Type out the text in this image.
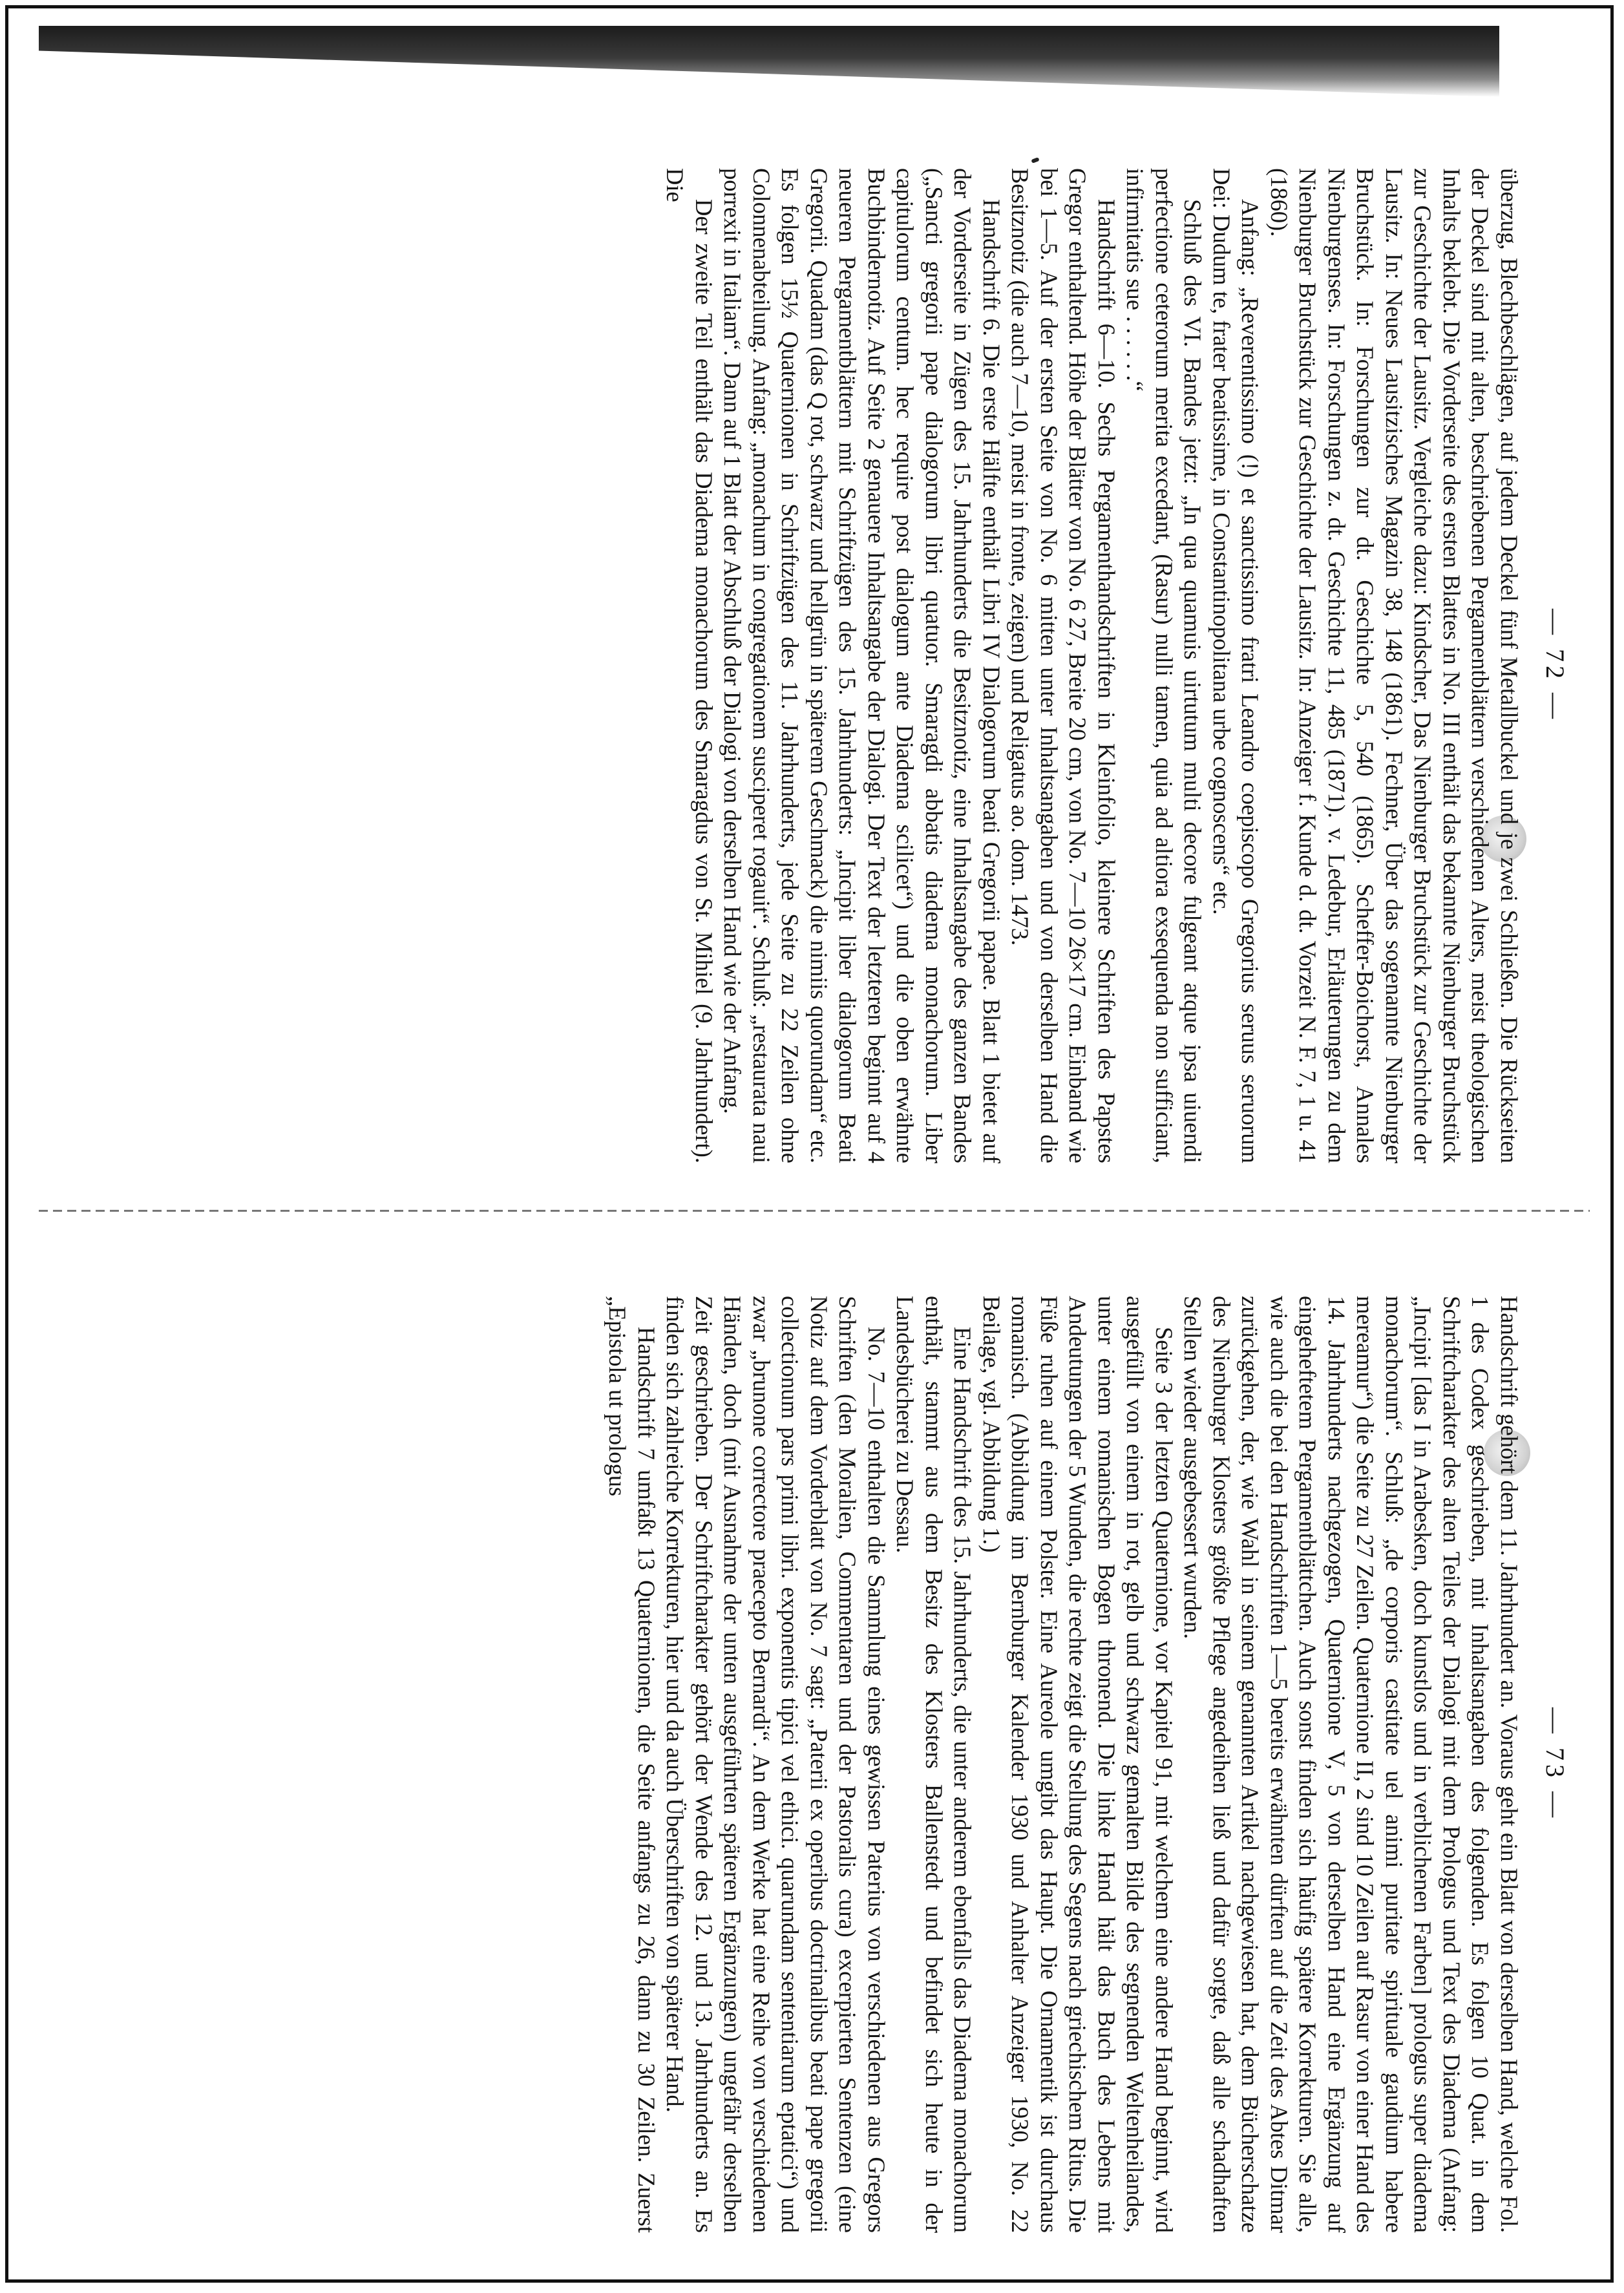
— 72 —

überzug, Blechbeschlägen, auf jedem Deckel fünf Metallbuckel und je zwei Schließen. Die Rückseiten der Deckel sind mit alten, beschriebenen Pergamentblättern verschiedenen Alters, meist theologischen Inhalts beklebt. Die Vorderseite des ersten Blattes in No. III enthält das bekannte Nienburger Bruchstück zur Geschichte der Lausitz. Vergleiche dazu: Kindscher, Das Nienburger Bruchstück zur Geschichte der Lausitz. In: Neues Lausitzisches Magazin 38, 148 (1861). Fechner, Über das sogenannte Nienburger Bruchstück. In: Forschungen zur dt. Geschichte 5, 540 (1865). Scheffer-Boichorst, Annales Nienburgenses. In: Forschungen z. dt. Geschichte 11, 485 (1871). v. Ledebur, Erläuterungen zu dem Nienburger Bruchstück zur Geschichte der Lausitz. In: Anzeiger f. Kunde d. dt. Vorzeit N. F. 7, 1 u. 41 (1860).

Anfang: „Reverentissimo (!) et sanctissimo fratri Leandro coepiscopo Gregorius seruus seruorum Dei: Dudum te, frater beatissime, in Constantinopolitana urbe cognoscens“ etc.

Schluß des VI. Bandes jetzt: „In qua quamuis uirtutum multi decore fulgeant atque ipsa uiuendi perfectione ceterorum merita excedant, (Rasur) nulli tamen, quia ad altiora exsequenda non sufficiant, infirmitatis sue . . . . . .“

Handschrift 6—10. Sechs Pergamenthandschriften in Kleinfolio, kleinere Schriften des Papstes Gregor enthaltend. Höhe der Blätter von No. 6 27, Breite 20 cm, von No. 7—10 26×17 cm. Einband wie bei 1—5. Auf der ersten Seite von No. 6 mitten unter Inhaltsangaben und von derselben Hand die Besitznotiz (die auch 7—10, meist in fronte, zeigen) und Religatus ao. dom. 1473.

Handschrift 6. Die erste Hälfte enthält Libri IV Dialogorum beati Gregorii papae. Blatt 1 bietet auf der Vorderseite in Zügen des 15. Jahrhunderts die Besitznotiz, eine Inhaltsangabe des ganzen Bandes („Sancti gregorii pape dialogorum libri quatuor. Smaragdi abbatis diadema monachorum. Liber capitulorum centum. hec require post dialogum ante Diadema scilicet“) und die oben erwähnte Buchbindernotiz. Auf Seite 2 genauere Inhaltsangabe der Dialogi. Der Text der letzteren beginnt auf 4 neueren Pergamentblättern mit Schriftzügen des 15. Jahrhunderts: „Incipit liber dialogorum Beati Gregorii. Quadam (das Q rot, schwarz und hellgrün in späterem Geschmack) die nimiis quorundam“ etc. Es folgen 15½ Quaternionen in Schriftzügen des 11. Jahrhunderts, jede Seite zu 22 Zeilen ohne Colonnenabteilung. Anfang: „monachum in congregationem susciperet rogauit“. Schluß: „restaurata naui porrexit in Italiam“. Dann auf 1 Blatt der Abschluß der Dialogi von derselben Hand wie der Anfang.

Der zweite Teil enthält das Diadema monachorum des Smaragdus von St. Mihiel (9. Jahrhundert). Die

— 73 —

Handschrift gehört dem 11. Jahrhundert an. Voraus geht ein Blatt von derselben Hand, welche Fol. 1 des Codex geschrieben, mit Inhaltsangaben des folgenden. Es folgen 10 Quat. in dem Schriftcharakter des alten Teiles der Dialogi mit dem Prologus und Text des Diadema (Anfang: „Incipit [das I in Arabesken, doch kunstlos und in verblichenen Farben] prologus super diadema monachorum“. Schluß: „de corporis castitate uel animi puritate spirituale gaudium habere mereamur“) die Seite zu 27 Zeilen. Quaternione II, 2 sind 10 Zeilen auf Rasur von einer Hand des 14. Jahrhunderts nachgezogen, Quaternione V, 5 von derselben Hand eine Ergänzung auf eingeheftetem Pergamentblättchen. Auch sonst finden sich häufig spätere Korrekturen. Sie alle, wie auch die bei den Handschriften 1—5 bereits erwähnten dürften auf die Zeit des Abtes Ditmar zurückgehen, der, wie Wahl in seinem genannten Artikel nachgewiesen hat, dem Bücherschatze des Nienburger Klosters größte Pflege angedeihen ließ und dafür sorgte, daß alle schadhaften Stellen wieder ausgebessert wurden.

Seite 3 der letzten Quaternione, vor Kapitel 91, mit welchem eine andere Hand beginnt, wird ausgefüllt von einem in rot, gelb und schwarz gemalten Bilde des segnenden Weltenheilandes, unter einem romanischen Bogen thronend. Die linke Hand hält das Buch des Lebens mit Andeutungen der 5 Wunden, die rechte zeigt die Stellung des Segens nach griechischem Ritus. Die Füße ruhen auf einem Polster. Eine Aureole umgibt das Haupt. Die Ornamentik ist durchaus romanisch. (Abbildung im Bernburger Kalender 1930 und Anhalter Anzeiger 1930, No. 22 Beilage, vgl. Abbildung 1.)

Eine Handschrift des 15. Jahrhunderts, die unter anderem ebenfalls das Diadema monachorum enthält, stammt aus dem Besitz des Klosters Ballenstedt und befindet sich heute in der Landesbücherei zu Dessau.

No. 7—10 enthalten die Sammlung eines gewissen Paterius von verschiedenen aus Gregors Schriften (den Moralien, Commentaren und der Pastoralis cura) excerpierten Sentenzen (eine Notiz auf dem Vorderblatt von No. 7 sagt: „Paterii ex operibus doctrinalibus beati pape gregorii collectionum pars primi libri. exponentis tipici vel ethici. quarundam sententiarum eptatici“) und zwar „brunone correctore praecepto Bernardi“. An dem Werke hat eine Reihe von verschiedenen Händen, doch (mit Ausnahme der unten ausgeführten späteren Ergänzungen) ungefähr derselben Zeit geschrieben. Der Schriftcharakter gehört der Wende des 12. und 13. Jahrhunderts an. Es finden sich zahlreiche Korrekturen, hier und da auch Überschriften von späterer Hand.

Handschrift 7 umfaßt 13 Quaternionen, die Seite anfangs zu 26, dann zu 30 Zeilen. Zuerst „Epistola ut prologus
